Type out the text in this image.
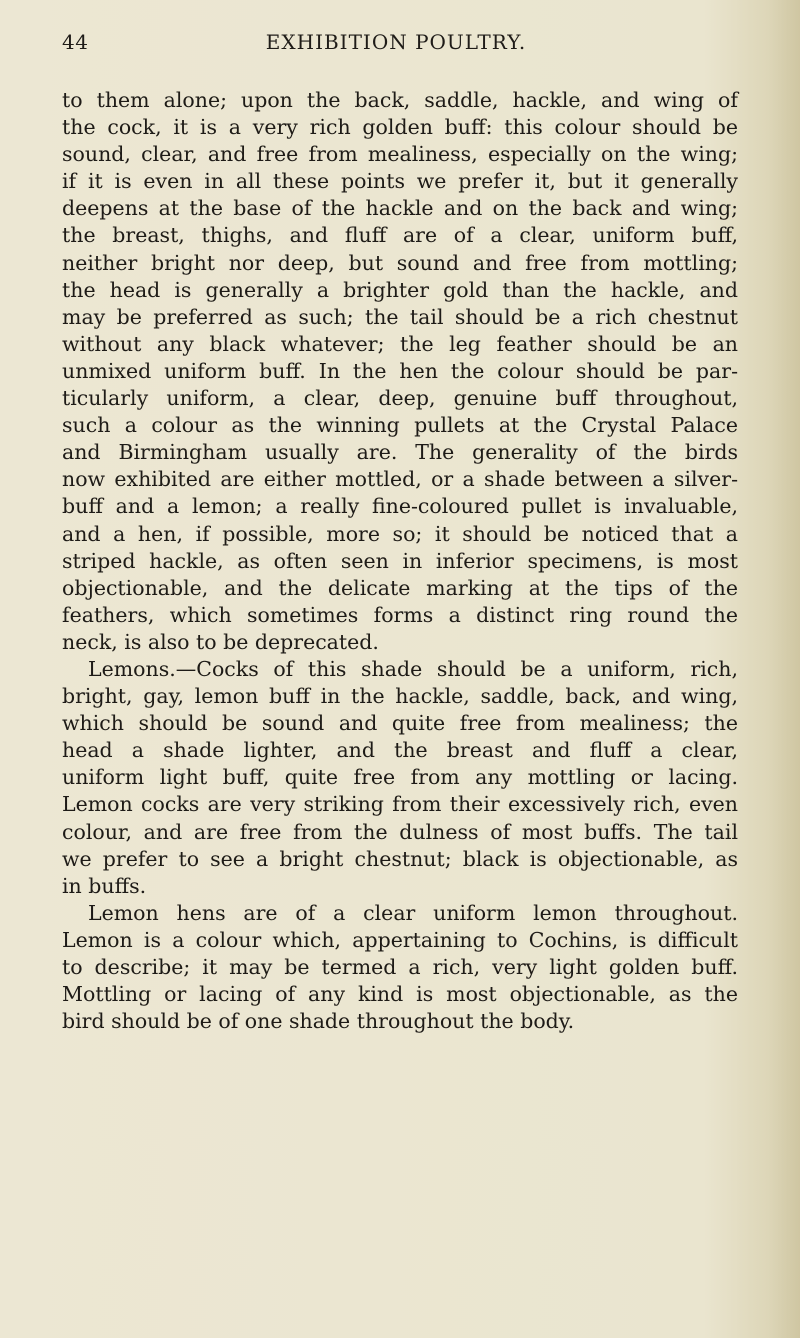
44	EXHIBITION POULTRY.
to them alone; upon the back, saddle, hackle, and wing of
the cock, it is a very rich golden buff: this colour should be
sound, clear, and free from mealiness, especially on the wing;
if it is even in all these points we prefer it, but it generally
deepens at the base of the hackle and on the back and wing;
the breast, thighs, and fluff are of a clear, uniform buff,
neither bright nor deep, but sound and free from mottling;
the head is generally a brighter gold than the hackle, and
may be preferred as such; the tail should be a rich chestnut
without any black whatever; the leg feather should be an
unmixed uniform buff. In the hen the colour should be par-
ticularly uniform, a clear, deep, genuine buff throughout,
such a colour as the winning pullets at the Crystal Palace
and Birmingham usually are. The generality of the birds
now exhibited are either mottled, or a shade between a silver-
buff and a lemon; a really fine-coloured pullet is invaluable,
and a hen, if possible, more so; it should be noticed that a
striped hackle, as often seen in inferior specimens, is most
objectionable, and the delicate marking at the tips of the
feathers, which sometimes forms a distinct ring round the
neck, is also to be deprecated.
Lemons.—Cocks of this shade should be a uniform, rich,
bright, gay, lemon buff in the hackle, saddle, back, and wing,
which should be sound and quite free from mealiness; the
head a shade lighter, and the breast and fluff a clear,
uniform light buff, quite free from any mottling or lacing.
Lemon cocks are very striking from their excessively rich, even
colour, and are free from the dulness of most buffs. The tail
we prefer to see a bright chestnut; black is objectionable, as
in buffs.
Lemon hens are of a clear uniform lemon throughout.
Lemon is a colour which, appertaining to Cochins, is difficult
to describe; it may be termed a rich, very light golden buff.
Mottling or lacing of any kind is most objectionable, as the
bird should be of one shade throughout the body.
